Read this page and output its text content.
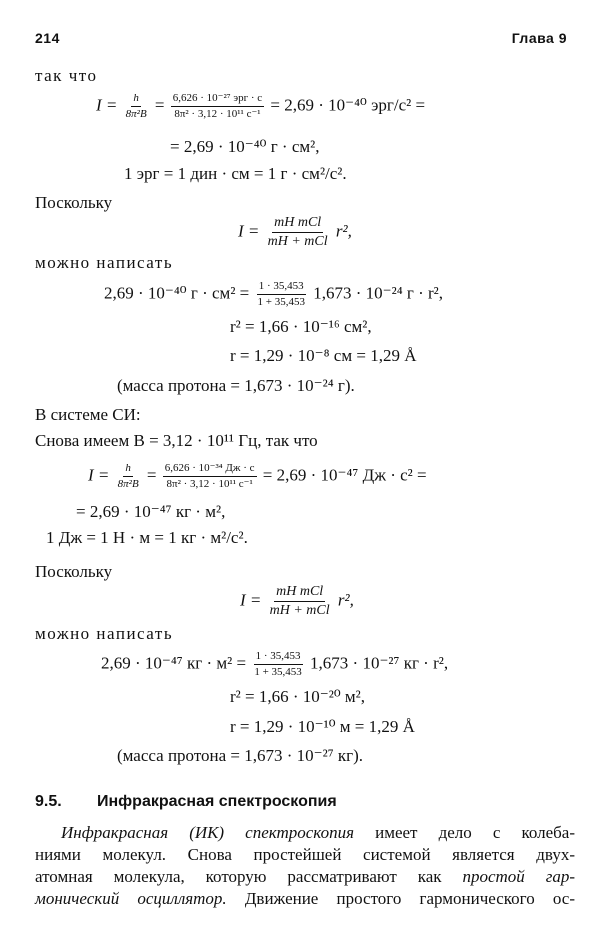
214	Глава 9
так что
$I = \frac{h}{\text{8π²B}} = \frac{\text{6,626 · 10⁻²⁷ эрг · с}}{\text{8π² · 3,12 · 10¹¹ с⁻¹}} = 2,69 \cdot 10^{-40}$ эрг/с² =
= 2,69 · 10⁻⁴⁰ г · см²,
1 эрг = 1 дин · см = 1 г · см²/с².
Поскольку
$I = \frac{\text{mH mCl}}{\text{mH + mCl}} r^2$,
можно написать
2,69 · 10⁻⁴⁰ $г \cdot см^2 = \frac{1 \cdot 35,453}{1 + 35,453} 1,673 \cdot 10^{-24}$ г · r²,
r² = 1,66 · 10⁻¹⁶ см²,
r = 1,29 · 10⁻⁸ см = 1,29 Å
(масса протона = 1,673 · 10⁻²⁴ г).
В системе СИ:
Снова имеем B = 3,12 · 10¹¹ Гц, так что
$I = \frac{h}{\text{8π²B}} = \frac{\text{6,626 · 10⁻³⁴ Дж · с}}{\text{8π² · 3,12 · 10¹¹ с⁻¹}} = 2,69 \cdot 10^{-47}$ Дж · с² =
= 2,69 · 10⁻⁴⁷ кг · м²,
1 Дж = 1 Н · м = 1 кг · м²/с².
Поскольку
$I = \frac{\text{mH mCl}}{\text{mH + mCl}} r^2$,
можно написать
2,69 · 10⁻⁴⁷ кг · $м^2 = \frac{1 \cdot 35,453}{1 + 35,453} 1,673 \cdot 10^{-27}$ кг · r²,
r² = 1,66 · 10⁻²⁰ м²,
r = 1,29 · 10⁻¹⁰ м = 1,29 Å
(масса протона = 1,673 · 10⁻²⁷ кг).
9.5. Инфракрасная спектроскопия
Инфракрасная (ИК) спектроскопия имеет дело с колеба-
ниями молекул. Снова простейшей системой является двух-
атомная молекула, которую рассматривают как простой гар-
монический осциллятор. Движение простого гармонического ос-
